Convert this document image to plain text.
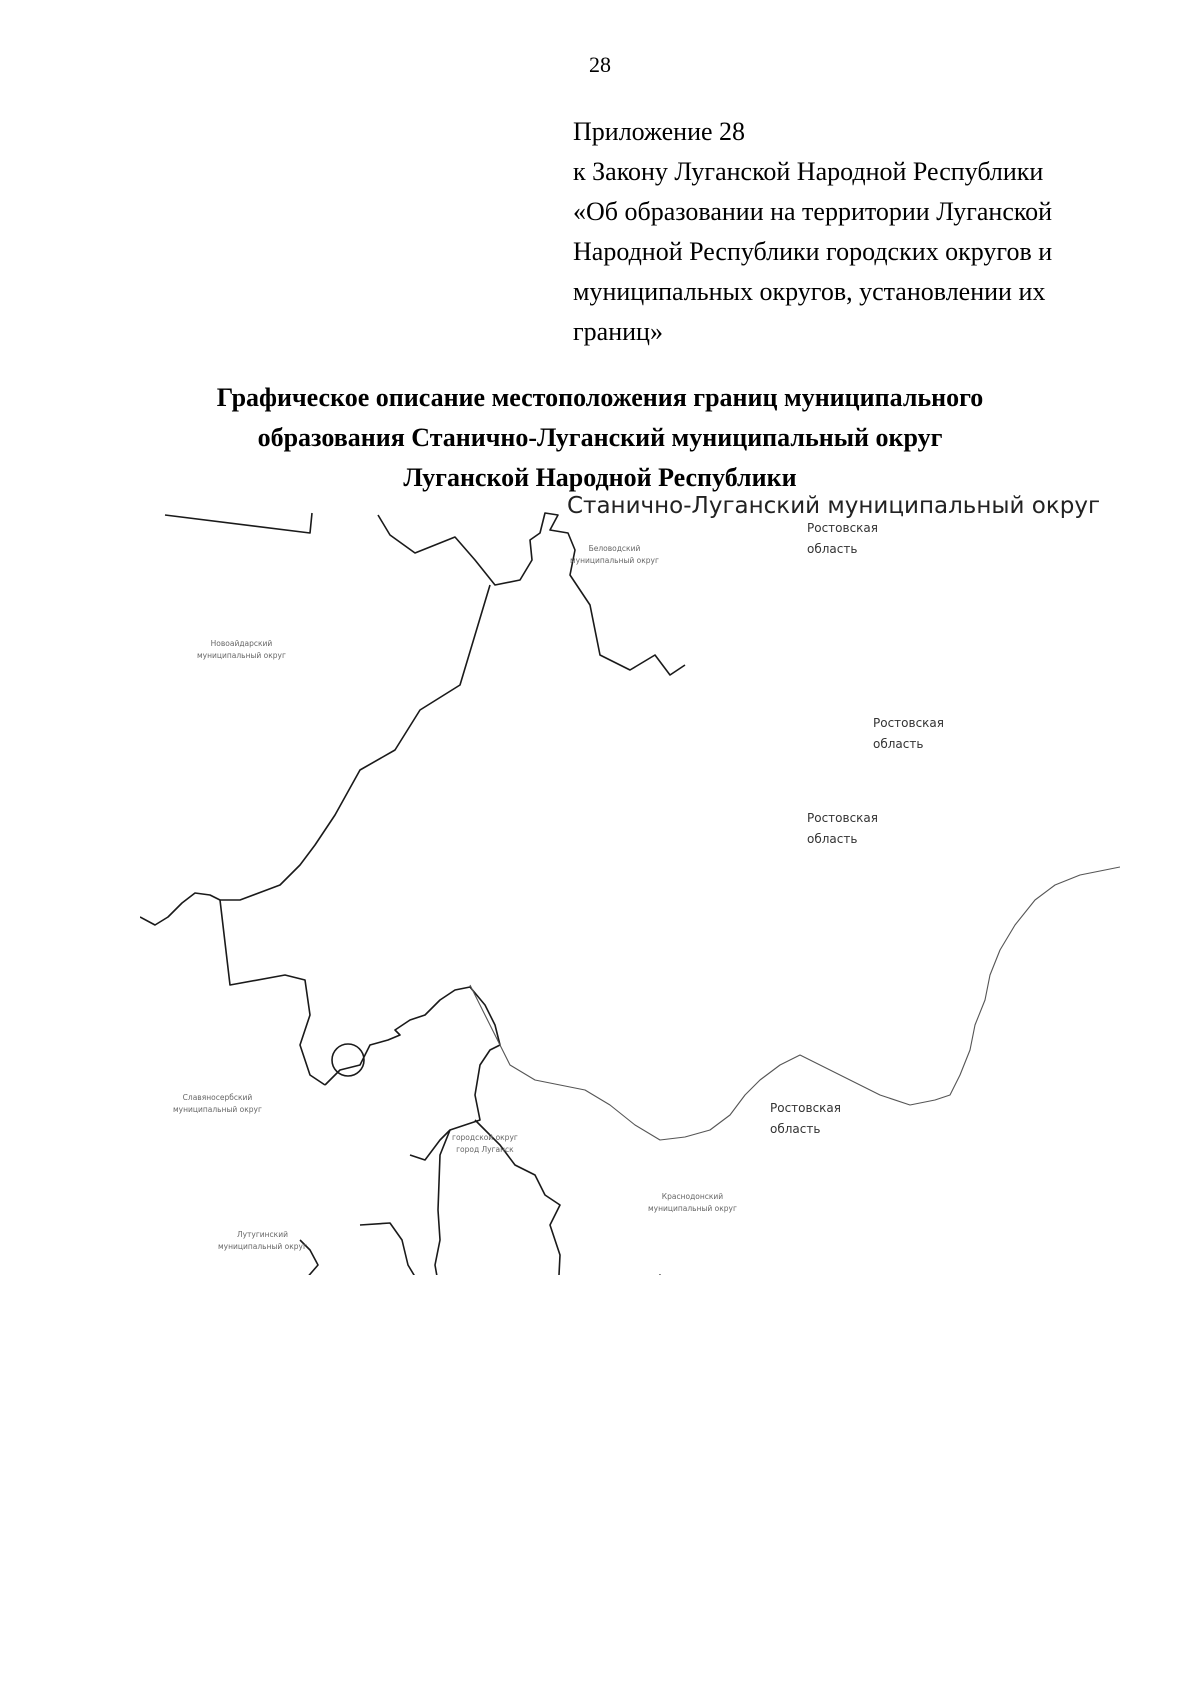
28
Приложение 28
к Закону Луганской Народной Республики
«Об образовании на территории Луганской
Народной Республики городских округов и
муниципальных округов, установлении их
границ»
Графическое описание местоположения границ муниципального
образования Станично-Луганский муниципальный округ
Луганской Народной Республики
Станично-Луганский муниципальный округ
Беловодский
муниципальный округ
Новоайдарский
муниципальный округ
Славяносербский
муниципальный округ
городской округ
город Луганск
Лутугинский
муниципальный округ
Краснодонский
муниципальный округ
Ростовская
область
Ростовская
область
Ростовская
область
Ростовская
область
